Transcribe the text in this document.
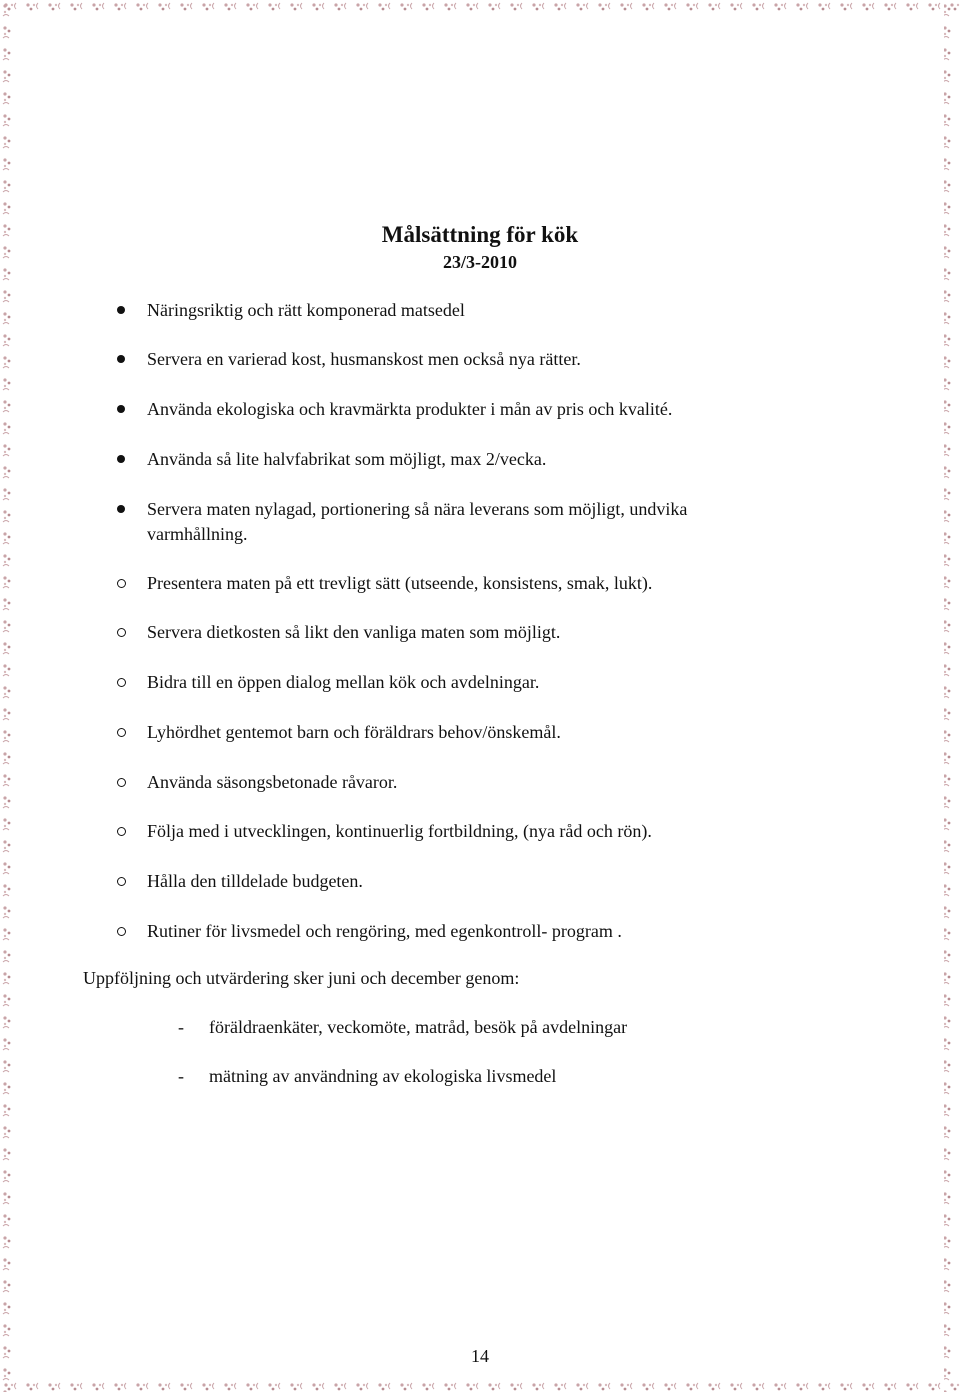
Målsättning för kök
23/3-2010
Näringsriktig och rätt komponerad matsedel
Servera en varierad kost, husmanskost men också nya rätter.
Använda ekologiska och kravmärkta produkter i mån av pris och kvalité.
Använda så lite halvfabrikat som möjligt, max 2/vecka.
Servera maten nylagad, portionering så nära leverans som möjligt, undvika varmhållning.
Presentera maten på ett trevligt sätt (utseende, konsistens, smak, lukt).
Servera dietkosten så likt den vanliga maten som möjligt.
Bidra till en öppen dialog mellan kök och avdelningar.
Lyhördhet gentemot barn och föräldrars behov/önskemål.
Använda säsongsbetonade råvaror.
Följa med i utvecklingen, kontinuerlig fortbildning, (nya råd och rön).
Hålla den tilldelade budgeten.
Rutiner för livsmedel och rengöring, med egenkontroll- program .
Uppföljning och utvärdering sker juni och december genom:
- föräldraenkäter, veckomöte, matråd, besök på avdelningar
- mätning av användning av ekologiska livsmedel
14
